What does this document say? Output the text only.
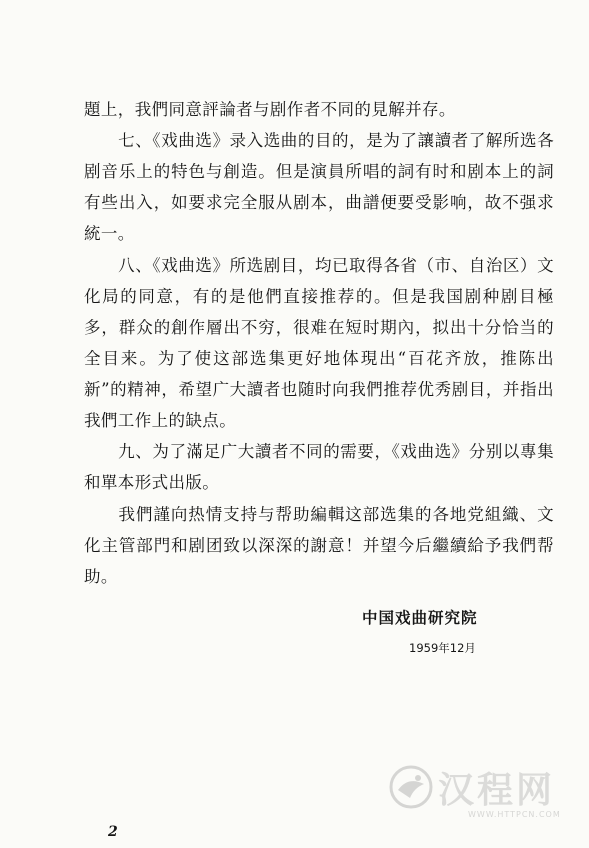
題上，我們同意評論者与剧作者不同的見解并存。

七、《戏曲选》录入选曲的目的，是为了讓讀者了解所选各剧音乐上的特色与創造。但是演員所唱的詞有时和剧本上的詞有些出入，如要求完全服从剧本，曲譜便要受影响，故不强求統一。

八、《戏曲选》所选剧目，均已取得各省（市、自治区）文化局的同意，有的是他們直接推荐的。但是我国剧种剧目極多，群众的創作層出不穷，很难在短时期內，拟出十分恰当的全目来。为了使这部选集更好地体現出“百花齐放，推陈出新”的精神，希望广大讀者也随时向我們推荐优秀剧目，并指出我們工作上的缺点。

九、为了滿足广大讀者不同的需要，《戏曲选》分别以專集和單本形式出版。

我們謹向热情支持与帮助編輯这部选集的各地党組織、文化主管部門和剧团致以深深的謝意！并望今后繼續給予我們帮助。

中国戏曲研究院

1959年12月

2

汉程网
WWW.HTTPCN.COM
